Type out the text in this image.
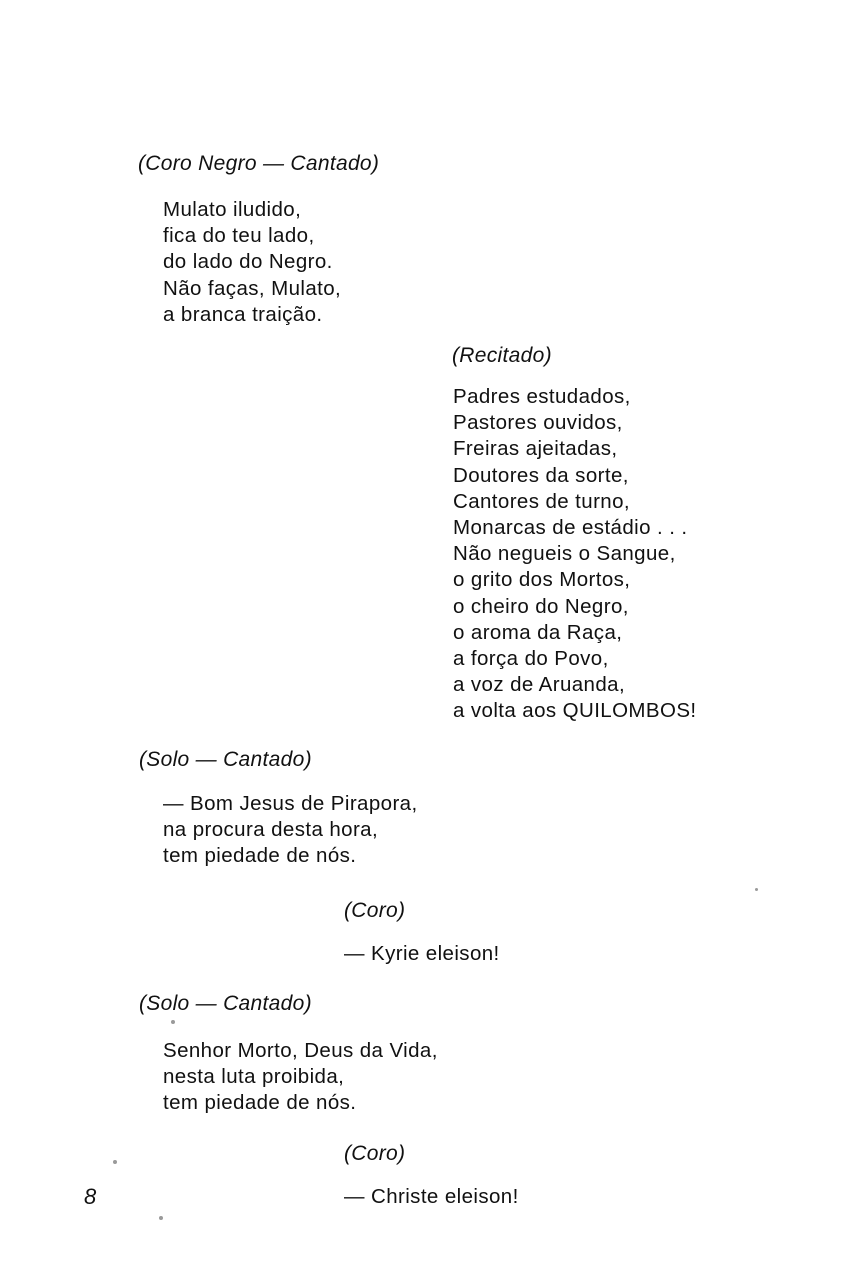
(Coro Negro — Cantado)
Mulato iludido,
fica do teu lado,
do lado do Negro.
Não faças, Mulato,
a branca traição.
(Recitado)
Padres estudados,
Pastores ouvidos,
Freiras ajeitadas,
Doutores da sorte,
Cantores de turno,
Monarcas de estádio . . .
Não negueis o Sangue,
o grito dos Mortos,
o cheiro do Negro,
o aroma da Raça,
a força do Povo,
a voz de Aruanda,
a volta aos QUILOMBOS!
(Solo — Cantado)
— Bom Jesus de Pirapora,
na procura desta hora,
tem piedade de nós.
(Coro)
— Kyrie eleison!
(Solo — Cantado)
Senhor Morto, Deus da Vida,
nesta luta proibida,
tem piedade de nós.
(Coro)
— Christe eleison!
8
